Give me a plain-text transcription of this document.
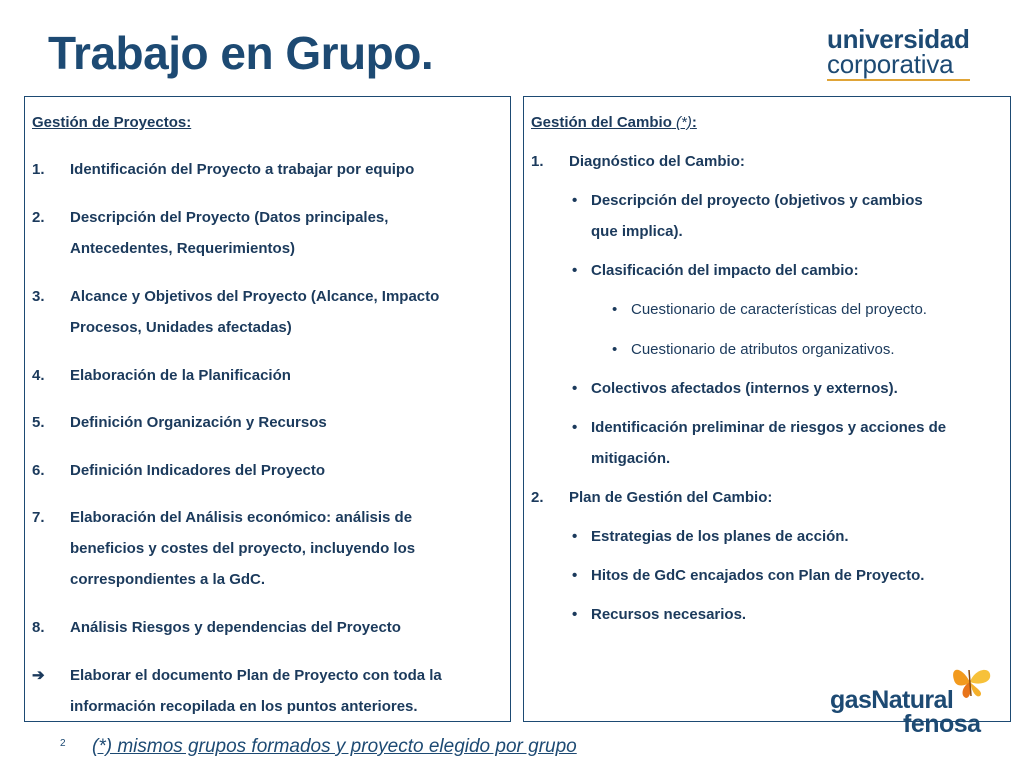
Trabajo en Grupo.	universidad
corporativa
Gestión de Proyectos:
1. Identificación del Proyecto a trabajar por equipo
2. Descripción del Proyecto (Datos principales,
Antecedentes, Requerimientos)
3. Alcance y Objetivos del Proyecto (Alcance, Impacto
Procesos, Unidades afectadas)
4. Elaboración de la Planificación
5. Definición Organización y Recursos
6. Definición Indicadores del Proyecto
7. Elaboración del Análisis económico: análisis de
beneficios y costes del proyecto, incluyendo los
correspondientes a la GdC.
8. Análisis Riesgos y dependencias del Proyecto
➔ Elaborar el documento Plan de Proyecto con toda la
información recopilada en los puntos anteriores.
Gestión del Cambio (*):
1. Diagnóstico del Cambio:
• Descripción del proyecto (objetivos y cambios
que implica).
• Clasificación del impacto del cambio:
• Cuestionario de características del proyecto.
• Cuestionario de atributos organizativos.
• Colectivos afectados (internos y externos).
• Identificación preliminar de riesgos y acciones de
mitigación.
2. Plan de Gestión del Cambio:
• Estrategias de los planes de acción.
• Hitos de GdC encajados con Plan de Proyecto.
• Recursos necesarios.
2 (*) mismos grupos formados y proyecto elegido por grupo
gasNatural
fenosa
